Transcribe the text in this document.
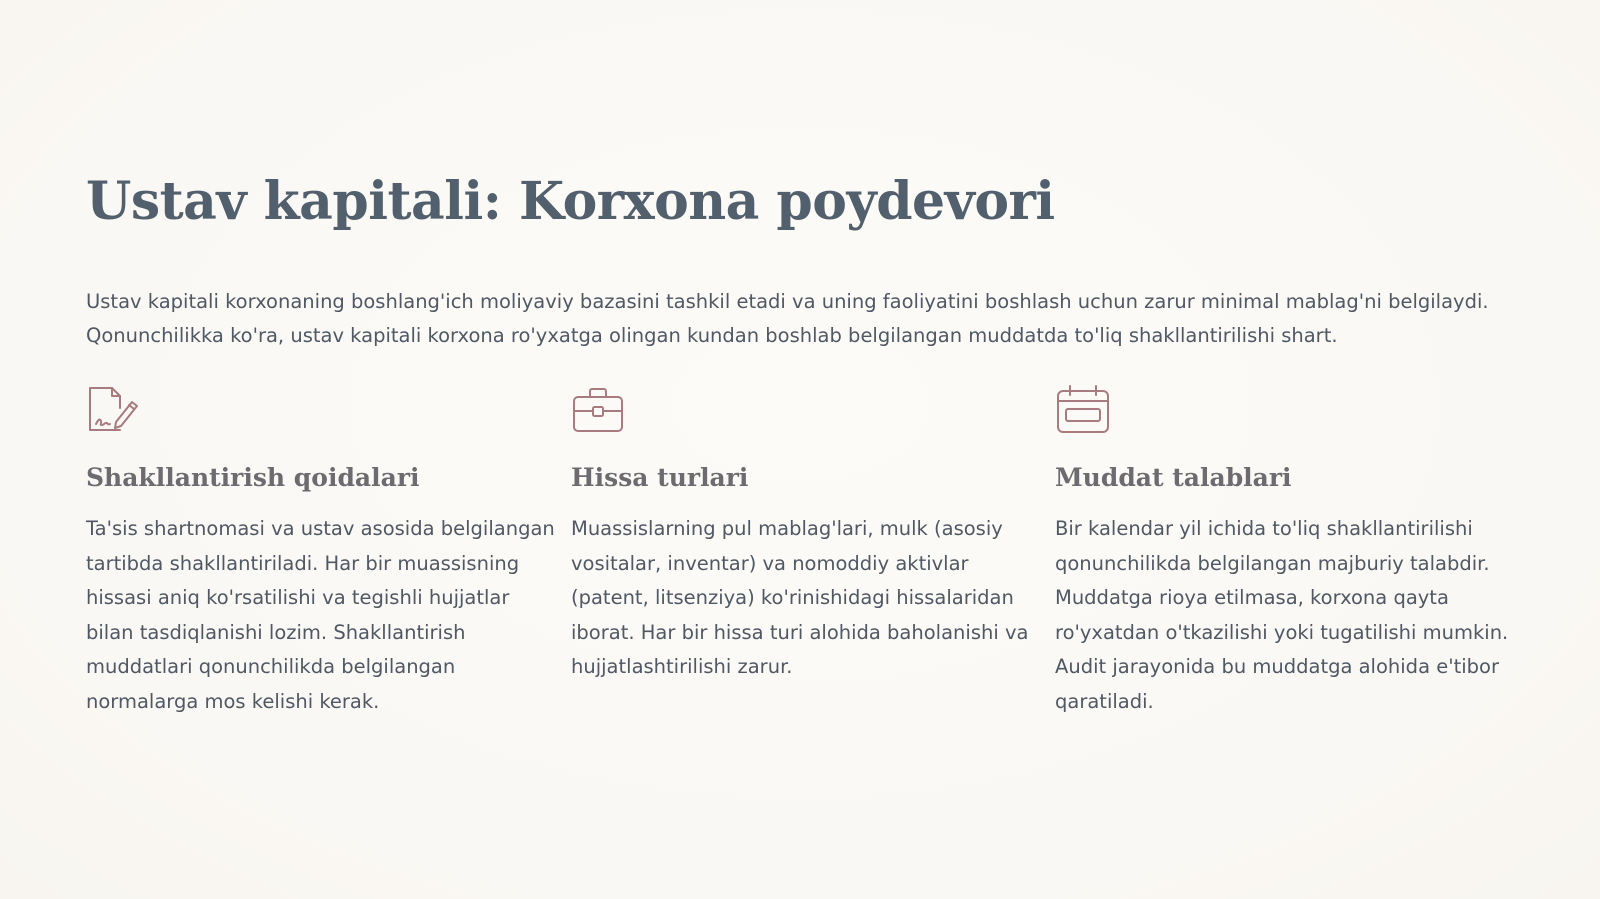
Ustav kapitali: Korxona poydevori

Ustav kapitali korxonaning boshlang'ich moliyaviy bazasini tashkil etadi va uning faoliyatini boshlash uchun zarur minimal mablag'ni belgilaydi. Qonunchilikka ko'ra, ustav kapitali korxona ro'yxatga olingan kundan boshlab belgilangan muddatda to'liq shakllantirilishi shart.

Shakllantirish qoidalari

Ta'sis shartnomasi va ustav asosida belgilangan tartibda shakllantiriladi. Har bir muassisning hissasi aniq ko'rsatilishi va tegishli hujjatlar bilan tasdiqlanishi lozim. Shakllantirish muddatlari qonunchilikda belgilangan normalarga mos kelishi kerak.

Hissa turlari

Muassislarning pul mablag'lari, mulk (asosiy vositalar, inventar) va nomoddiy aktivlar (patent, litsenziya) ko'rinishidagi hissalaridan iborat. Har bir hissa turi alohida baholanishi va hujjatlashtirilishi zarur.

Muddat talablari

Bir kalendar yil ichida to'liq shakllantirilishi qonunchilikda belgilangan majburiy talabdir. Muddatga rioya etilmasa, korxona qayta ro'yxatdan o'tkazilishi yoki tugatilishi mumkin. Audit jarayonida bu muddatga alohida e'tibor qaratiladi.
